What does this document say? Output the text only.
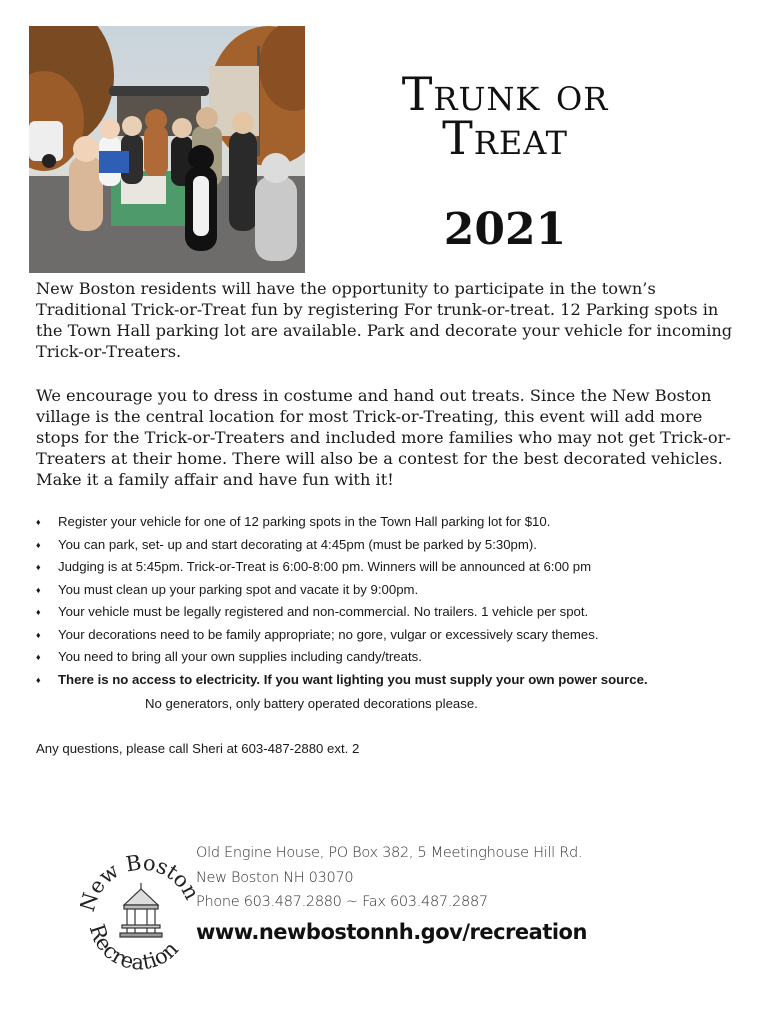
Trunk or
Treat
2021

New Boston residents will have the opportunity to participate in the town’s Traditional Trick-or-Treat fun by registering For trunk-or-treat. 12 Parking spots in the Town Hall parking lot are available. Park and decorate your vehicle for incoming Trick-or-Treaters.

We encourage you to dress in costume and hand out treats. Since the New Boston village is the central location for most Trick-or-Treating, this event will add more stops for the Trick-or-Treaters and included more families who may not get Trick-or-Treaters at their home. There will also be a contest for the best decorated vehicles. Make it a family affair and have fun with it!

♦ Register your vehicle for one of 12 parking spots in the Town Hall parking lot for $10.
♦ You can park, set- up and start decorating at 4:45pm (must be parked by 5:30pm).
♦ Judging is at 5:45pm. Trick-or-Treat is 6:00-8:00 pm. Winners will be announced at 6:00 pm
♦ You must clean up your parking spot and vacate it by 9:00pm.
♦ Your vehicle must be legally registered and non-commercial. No trailers. 1 vehicle per spot.
♦ Your decorations need to be family appropriate; no gore, vulgar or excessively scary themes.
♦ You need to bring all your own supplies including candy/treats.
♦ There is no access to electricity. If you want lighting you must supply your own power source.
No generators, only battery operated decorations please.
Any questions, please call Sheri at 603-487-2880 ext. 2
ew Bosto
Recreation
Old Engine House, PO Box 382, 5 Meetinghouse Hill Rd.
New Boston NH 03070
Phone 603.487.2880 ~ Fax 603.487.2887
www.newbostonnh.gov/recreation
